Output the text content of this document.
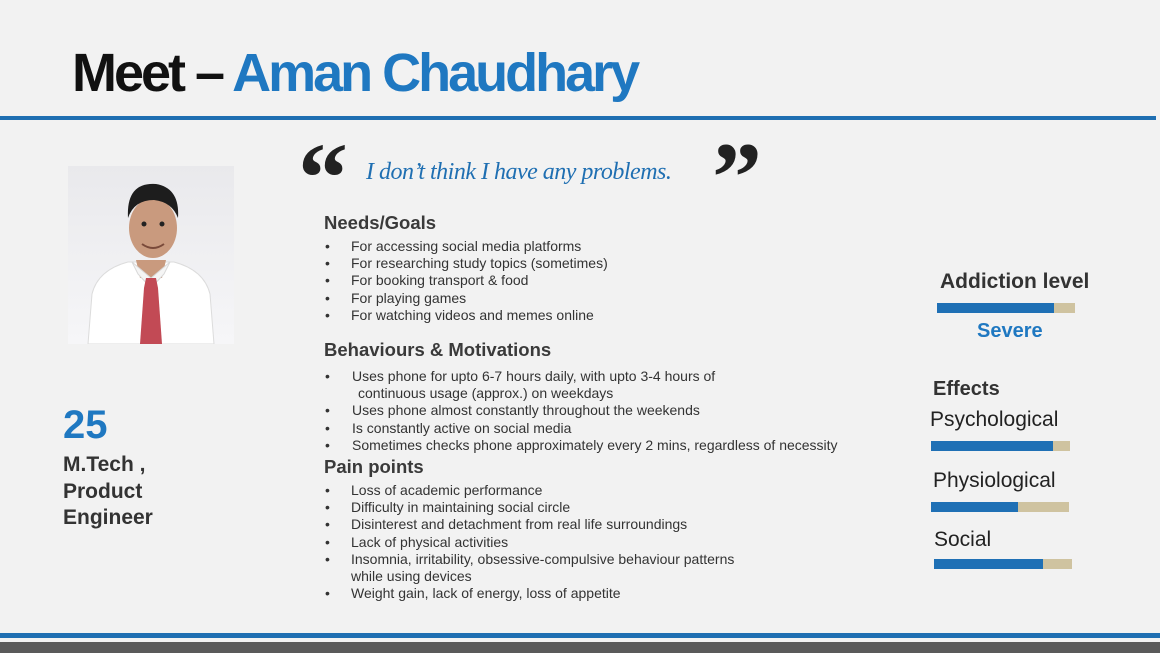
Meet – Aman Chaudhary
25
M.Tech ,
Product
Engineer
“ I don’t think I have any problems. ”
Needs/Goals
• For accessing social media platforms
• For researching study topics (sometimes)
• For booking transport & food
• For playing games
• For watching videos and memes online
Behaviours & Motivations
• Uses phone for upto 6-7 hours daily, with upto 3-4 hours of
continuous usage (approx.) on weekdays
• Uses phone almost constantly throughout the weekends
• Is constantly active on social media
• Sometimes checks phone approximately every 2 mins, regardless of necessity
Pain points
• Loss of academic performance
• Difficulty in maintaining social circle
• Disinterest and detachment from real life surroundings
• Lack of physical activities
• Insomnia, irritability, obsessive-compulsive behaviour patterns
while using devices
• Weight gain, lack of energy, loss of appetite
Addiction level
Severe
Effects
Psychological
Physiological
Social
